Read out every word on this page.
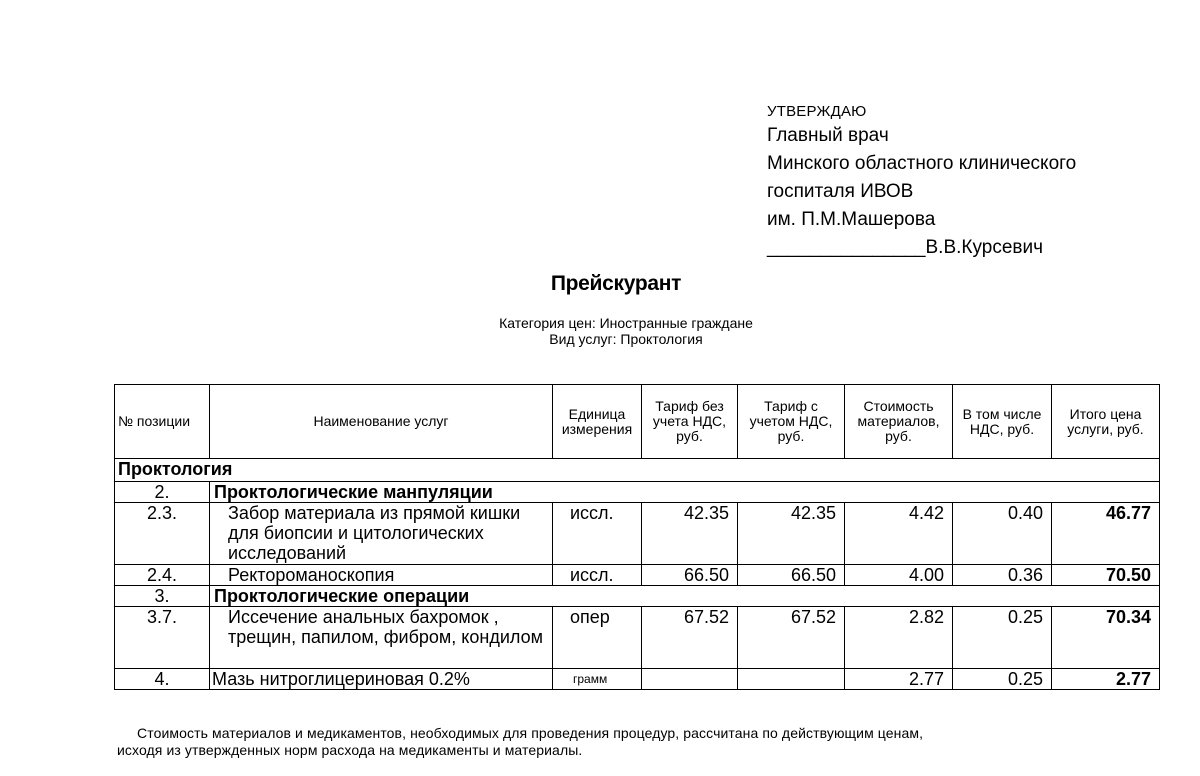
УТВЕРЖДАЮ
Главный врач
Минского областного клинического
госпиталя ИВОВ
им. П.М.Машерова
_______________В.В.Курсевич
Прейскурант
Категория цен: Иностранные граждане
Вид услуг: Проктология
№ позиции	Наименование услуг	Единица измерения	Тариф без учета НДС, руб.	Тариф с учетом НДС, руб.	Стоимость материалов, руб.	В том числе НДС, руб.	Итого цена услуги, руб.
Проктология							
2.	Проктологические манпуляции						
2.3.	Забор материала из прямой кишки для биопсии и цитологических исследований	иссл.	42.35	42.35	4.42	0.40	46.77
2.4.	Ректороманоскопия	иссл.	66.50	66.50	4.00	0.36	70.50
3.	Проктологические операции						
3.7.	Иссечение анальных бахромок , трещин, папилом, фибром, кондилом	опер	67.52	67.52	2.82	0.25	70.34
4.	Мазь нитроглицериновая 0.2%	грамм			2.77	0.25	2.77
Стоимость материалов и медикаментов, необходимых для проведения процедур, рассчитана по действующим ценам,
исходя из утвержденных норм расхода на медикаменты и материалы.
